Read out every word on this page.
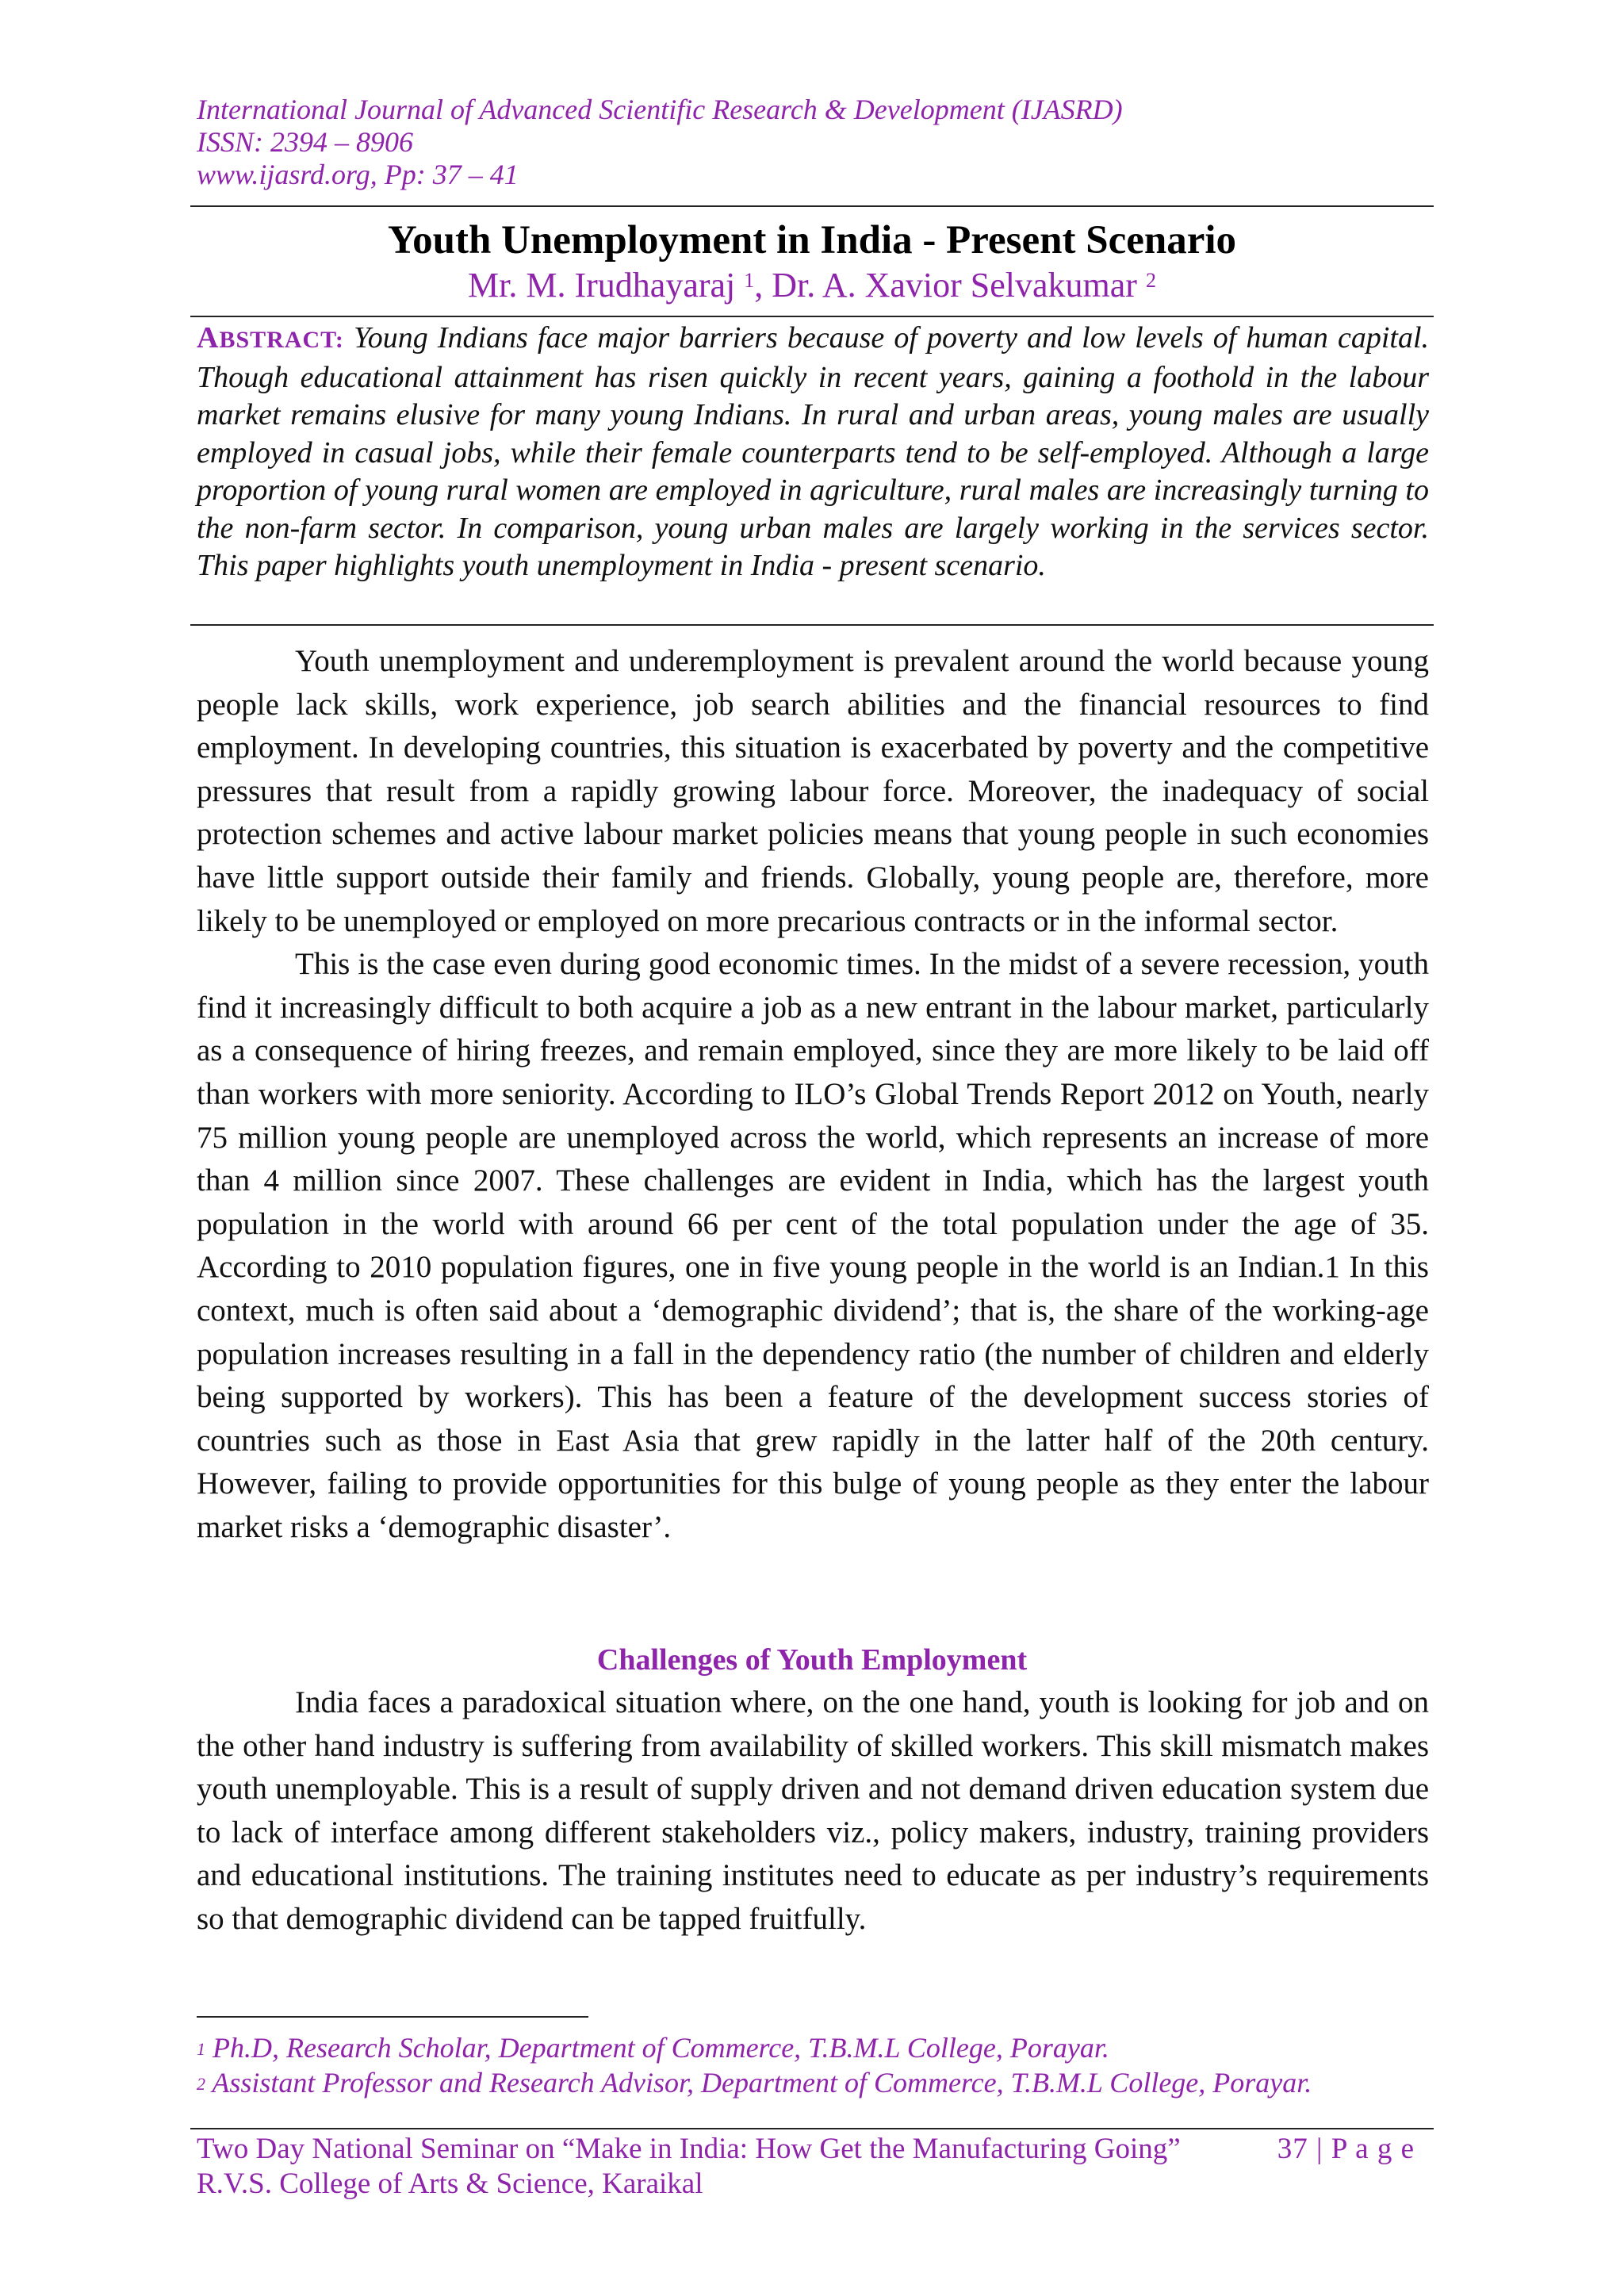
International Journal of Advanced Scientific Research & Development (IJASRD)
ISSN: 2394 – 8906
www.ijasrd.org, Pp: 37 – 41
Youth Unemployment in India - Present Scenario
Mr. M. Irudhayaraj $^1$, Dr. A. Xavior Selvakumar $^2$
ABSTRACT: Young Indians face major barriers because of poverty and low levels of human capital. Though educational attainment has risen quickly in recent years, gaining a foothold in the labour market remains elusive for many young Indians. In rural and urban areas, young males are usually employed in casual jobs, while their female counterparts tend to be self-employed. Although a large proportion of young rural women are employed in agriculture, rural males are increasingly turning to the non-farm sector. In comparison, young urban males are largely working in the services sector. This paper highlights youth unemployment in India - present scenario.

Youth unemployment and underemployment is prevalent around the world because young people lack skills, work experience, job search abilities and the financial resources to find employment. In developing countries, this situation is exacerbated by poverty and the competitive pressures that result from a rapidly growing labour force. Moreover, the inadequacy of social protection schemes and active labour market policies means that young people in such economies have little support outside their family and friends. Globally, young people are, therefore, more likely to be unemployed or employed on more precarious contracts or in the informal sector.

This is the case even during good economic times. In the midst of a severe recession, youth find it increasingly difficult to both acquire a job as a new entrant in the labour market, particularly as a consequence of hiring freezes, and remain employed, since they are more likely to be laid off than workers with more seniority. According to ILO’s Global Trends Report 2012 on Youth, nearly 75 million young people are unemployed across the world, which represents an increase of more than 4 million since 2007. These challenges are evident in India, which has the largest youth population in the world with around 66 per cent of the total population under the age of 35. According to 2010 population figures, one in five young people in the world is an Indian.1 In this context, much is often said about a ‘demographic dividend’; that is, the share of the working-age population increases resulting in a fall in the dependency ratio (the number of children and elderly being supported by workers). This has been a feature of the development success stories of countries such as those in East Asia that grew rapidly in the latter half of the 20th century. However, failing to provide opportunities for this bulge of young people as they enter the labour market risks a ‘demographic disaster’.

Challenges of Youth Employment

India faces a paradoxical situation where, on the one hand, youth is looking for job and on the other hand industry is suffering from availability of skilled workers. This skill mismatch makes youth unemployable. This is a result of supply driven and not demand driven education system due to lack of interface among different stakeholders viz., policy makers, industry, training providers and educational institutions. The training institutes need to educate as per industry’s requirements so that demographic dividend can be tapped fruitfully.

$^1$ Ph.D, Research Scholar, Department of Commerce, T.B.M.L College, Porayar.
$^2$ Assistant Professor and Research Advisor, Department of Commerce, T.B.M.L College, Porayar.
Two Day National Seminar on “Make in India: How Get the Manufacturing Going”	37 | P a g e
R.V.S. College of Arts & Science, Karaikal
